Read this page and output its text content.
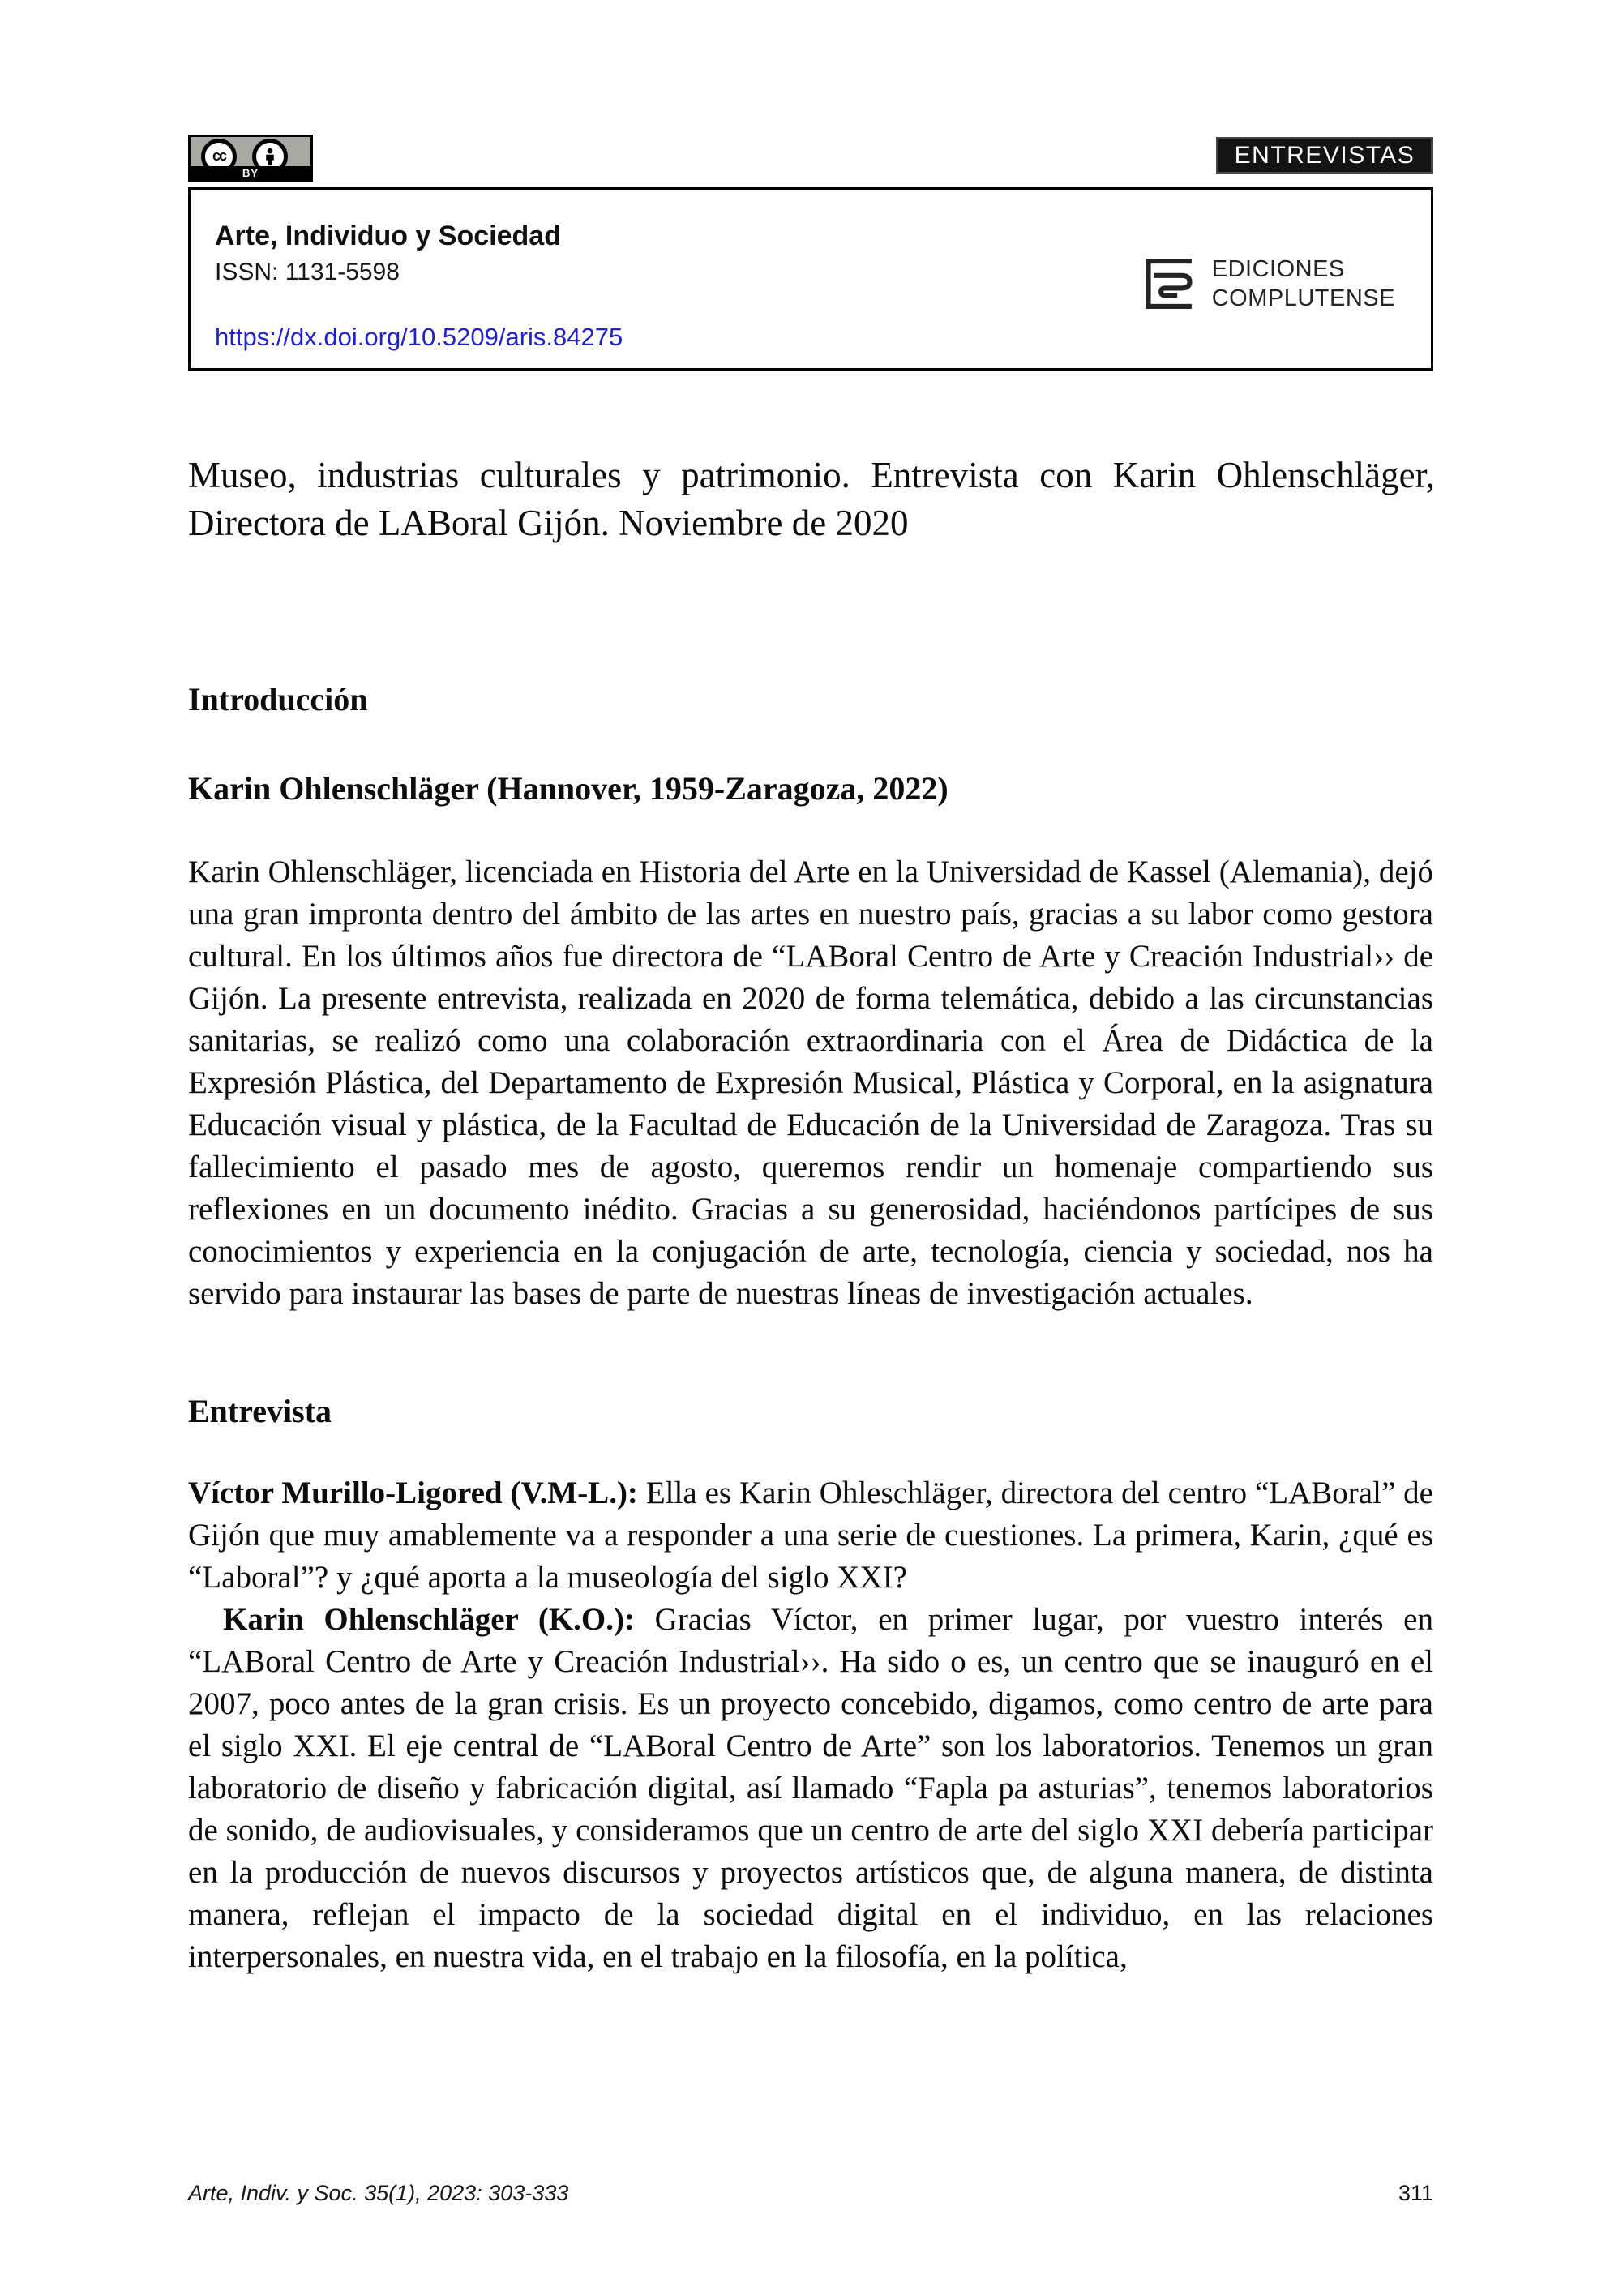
cc
BY
ENTREVISTAS
Arte, Individuo y Sociedad
ISSN: 1131-5598
https://dx.doi.org/10.5209/aris.84275
EDICIONES
COMPLUTENSE
Museo, industrias culturales y patrimonio. Entrevista con Karin Ohlenschläger, Directora de LABoral Gijón. Noviembre de 2020
Introducción
Karin Ohlenschläger (Hannover, 1959-Zaragoza, 2022)

Karin Ohlenschläger, licenciada en Historia del Arte en la Universidad de Kassel (Alemania), dejó una gran impronta dentro del ámbito de las artes en nuestro país, gracias a su labor como gestora cultural. En los últimos años fue directora de “LABoral Centro de Arte y Creación Industrial›› de Gijón. La presente entrevista, realizada en 2020 de forma telemática, debido a las circunstancias sanitarias, se realizó como una colaboración extraordinaria con el Área de Didáctica de la Expresión Plástica, del Departamento de Expresión Musical, Plástica y Corporal, en la asignatura Educación visual y plástica, de la Facultad de Educación de la Universidad de Zaragoza. Tras su fallecimiento el pasado mes de agosto, queremos rendir un homenaje compartiendo sus reflexiones en un documento inédito. Gracias a su generosidad, haciéndonos partícipes de sus conocimientos y experiencia en la conjugación de arte, tecnología, ciencia y sociedad, nos ha servido para instaurar las bases de parte de nuestras líneas de investigación actuales.

Entrevista

Víctor Murillo-Ligored (V.M-L.): Ella es Karin Ohleschläger, directora del centro “LABoral” de Gijón que muy amablemente va a responder a una serie de cuestiones. La primera, Karin, ¿qué es “Laboral”? y ¿qué aporta a la museología del siglo XXI?

Karin Ohlenschläger (K.O.): Gracias Víctor, en primer lugar, por vuestro interés en “LABoral Centro de Arte y Creación Industrial››. Ha sido o es, un centro que se inauguró en el 2007, poco antes de la gran crisis. Es un proyecto concebido, digamos, como centro de arte para el siglo XXI. El eje central de “LABoral Centro de Arte” son los laboratorios. Tenemos un gran laboratorio de diseño y fabricación digital, así llamado “Fapla pa asturias”, tenemos laboratorios de sonido, de audiovisuales, y consideramos que un centro de arte del siglo XXI debería participar en la producción de nuevos discursos y proyectos artísticos que, de alguna manera, de distinta manera, reflejan el impacto de la sociedad digital en el individuo, en las relaciones interpersonales, en nuestra vida, en el trabajo en la filosofía, en la política,

Arte, Indiv. y Soc. 35(1), 2023: 303-333	311
